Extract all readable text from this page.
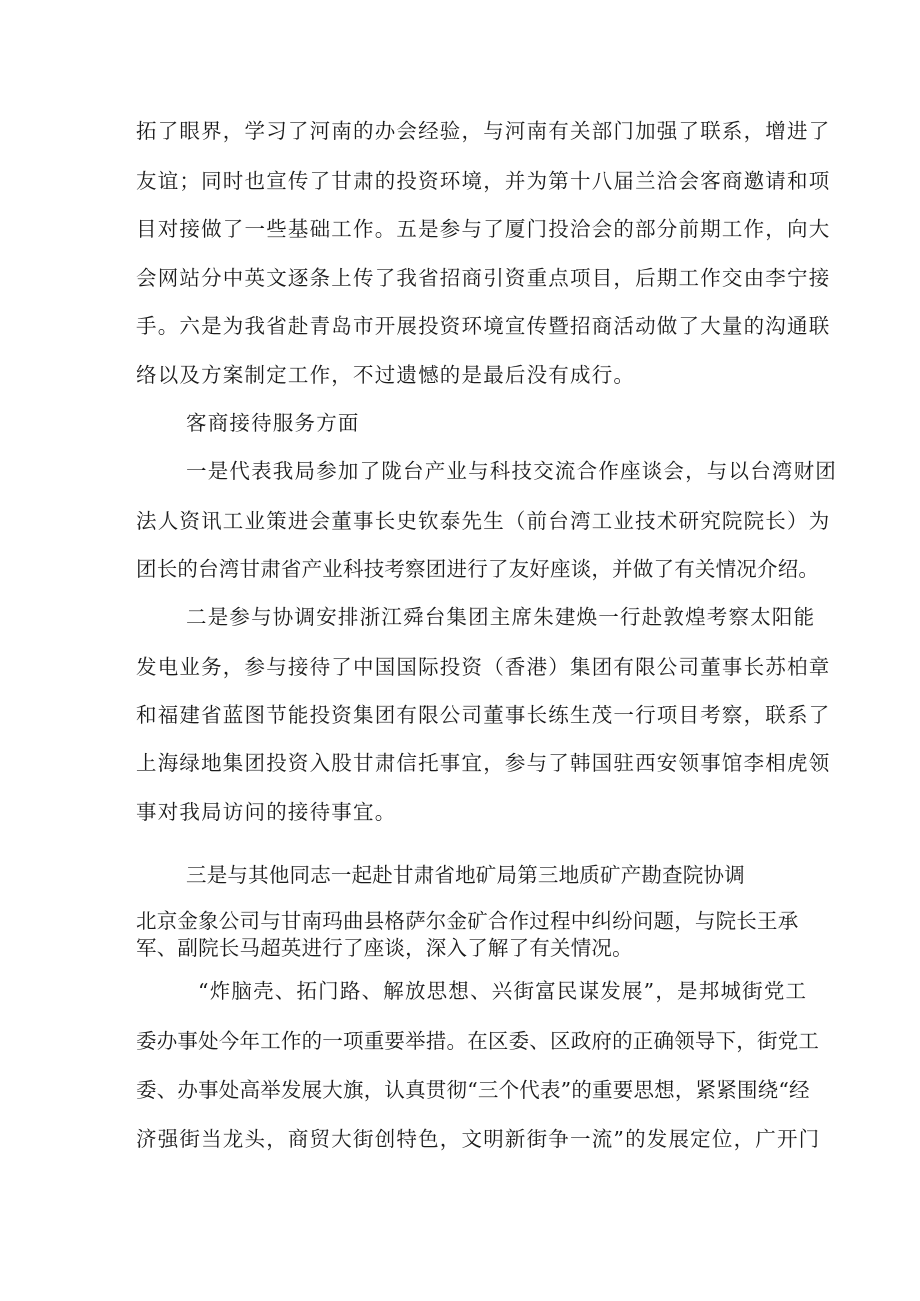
拓了眼界，学习了河南的办会经验，与河南有关部门加强了联系，增进了
友谊；同时也宣传了甘肃的投资环境，并为第十八届兰洽会客商邀请和项
目对接做了一些基础工作。五是参与了厦门投洽会的部分前期工作，向大
会网站分中英文逐条上传了我省招商引资重点项目，后期工作交由李宁接
手。六是为我省赴青岛市开展投资环境宣传暨招商活动做了大量的沟通联
络以及方案制定工作，不过遗憾的是最后没有成行。
客商接待服务方面
一是代表我局参加了陇台产业与科技交流合作座谈会，与以台湾财团
法人资讯工业策进会董事长史钦泰先生（前台湾工业技术研究院院长）为
团长的台湾甘肃省产业科技考察团进行了友好座谈，并做了有关情况介绍。
二是参与协调安排浙江舜台集团主席朱建焕一行赴敦煌考察太阳能
发电业务，参与接待了中国国际投资（香港）集团有限公司董事长苏柏章
和福建省蓝图节能投资集团有限公司董事长练生茂一行项目考察，联系了
上海绿地集团投资入股甘肃信托事宜，参与了韩国驻西安领事馆李相虎领
事对我局访问的接待事宜。
三是与其他同志一起赴甘肃省地矿局第三地质矿产勘查院协调
北京金象公司与甘南玛曲县格萨尔金矿合作过程中纠纷问题，与院长王承
军、副院长马超英进行了座谈，深入了解了有关情况。
“炸脑壳、拓门路、解放思想、兴街富民谋发展”，是邦城街党工
委办事处今年工作的一项重要举措。在区委、区政府的正确领导下，街党工
委、办事处高举发展大旗，认真贯彻“三个代表”的重要思想，紧紧围绕“经
济强街当龙头，商贸大街创特色，文明新街争一流”的发展定位，广开门
